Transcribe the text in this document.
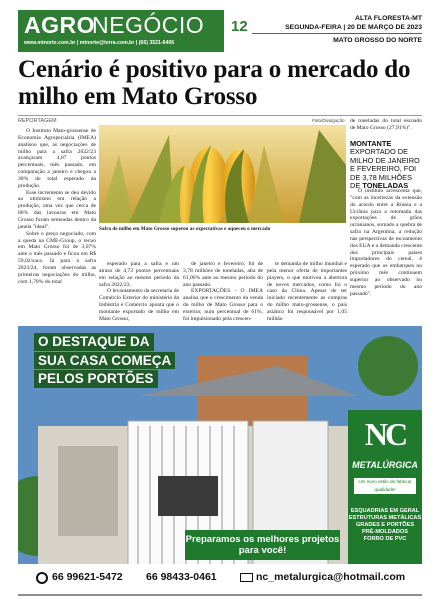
AGRO
NEGÓCIO
www.mtnorte.com.br | mtnorte@terra.com.br | (66) 3521-6406
12	ALTA FLORESTA-MT
SEGUNDA-FEIRA | 20 DE MARÇO DE 2023
MATO GROSSO DO NORTE
Cenário é positivo para o mercado do milho em Mato Grosso
REPORTAGEM

O Instituto Mato-grossense de Economia Agropecuária (IMEA) analisou que, as negociações de milho para a safra 2022/23 avançaram 4,87 pontos percentuais, mês passado, em comparação a janeiro e chegou a 30% do total esperado da produção.

Esse incremento se deu devido ao otimismo em relação a produção, uma vez que cerca de 80% das lavouras em Mato Grosso foram semeadas dentro da janela "ideal".

Sobre o preço negociado, com a queda na CME-Group, o recuo em Mato Grosso foi de 3,07% ante o mês passado e ficou em R$ 59,02/saca. Já para a safra 2023/24, foram observadas as primeiras negociações do milho, com 1,78% do total

Foto/Divulgação
Safra de milho em Mato Grosso superou as expectativas e aqueceu o mercado

esperado para a safra e um atraso de 4,73 pontos percentuais em relação ao mesmo período da safra 2022/23.

O levantamento da secretaria de Comércio Exterior do ministério da Indústria e Comércio aponta que o montante exportado de milho em Mato Grosso,

de janeiro e fevereiro, foi de 3,78 milhões de toneladas, alta de 61,06% ante ao mesmo período do ano passado.

EXPORTAÇÕES - O IMEA analisa que o crescimento da venda do milho de Mato Grosso para o exterior, num percentual de 61%, foi impulsionado pela crescen-

te demanda de milho mundial e pela menor oferta de importantes players, o que motivou a abertura de novos mercados, como foi o caso da China. Apesar de ter iniciado recentemente as compras do milho mato-grossense, o país asiático foi responsável por 1,05 milhão

de toneladas do total escoado de Mato Grosso (27,91%)".

MONTANTE
EXPORTADO DE MILHO DE JANEIRO E FEVEREIRO, FOI DE 3,78 MILHÕES DE TONELADAS

O instituto acrescenta que, "com as incertezas da extensão do acordo entre a Rússia e a Ucrânia para a retomada das exportações de grãos ucranianos, somado a quebra de safra na Argentina, a redução nas perspectivas de escoamento dos EUA e a demanda crescente dos principais países importadores do cereal, é esperado que os embarques no próximo mês continuem superior ao observado no mesmo período do ano passado".

O DESTAQUE DA
SUA CASA COMEÇA
PELOS PORTÕES
NC
METALÚRGICA
Um novo estilo de fabricar qualidade!
ESQUADRIAS EM GERAL
ESTRUTURAS METÁLICAS
GRADES E PORTÕES
PRÉ-MOLDADOS
FORRO DE PVC
Preparamos os melhores projetos para você!
66 99621-5472 66 98433-0461	nc_metalurgica@hotmail.com
